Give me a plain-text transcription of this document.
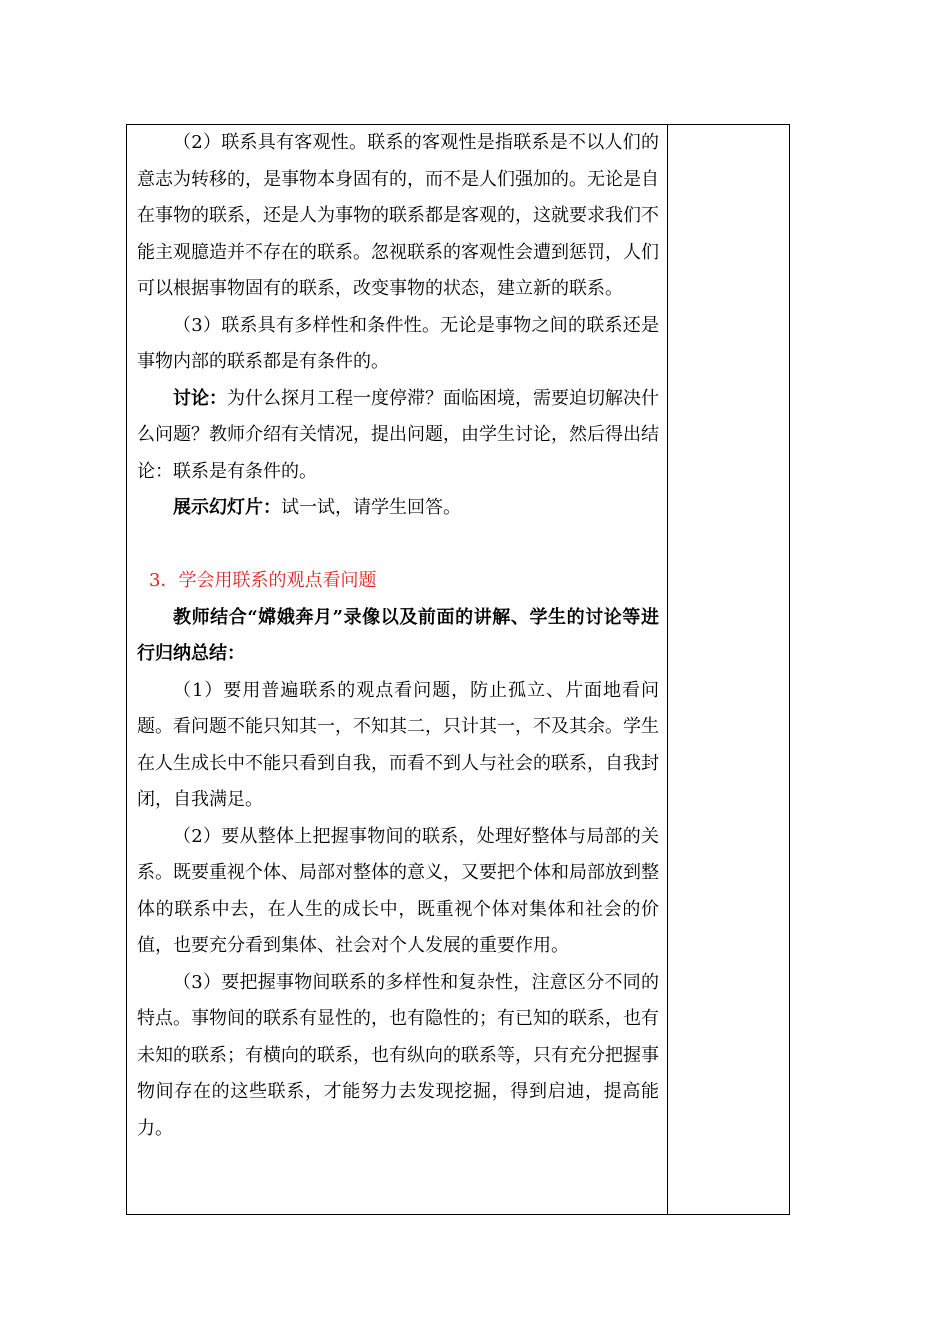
（2）联系具有客观性。联系的客观性是指联系是不以人们的意志为转移的，是事物本身固有的，而不是人们强加的。无论是自在事物的联系，还是人为事物的联系都是客观的，这就要求我们不能主观臆造并不存在的联系。忽视联系的客观性会遭到惩罚，人们可以根据事物固有的联系，改变事物的状态，建立新的联系。

（3）联系具有多样性和条件性。无论是事物之间的联系还是事物内部的联系都是有条件的。

讨论：为什么探月工程一度停滞？面临困境，需要迫切解决什么问题？教师介绍有关情况，提出问题，由学生讨论，然后得出结论：联系是有条件的。

展示幻灯片：试一试，请学生回答。

3．学会用联系的观点看问题

教师结合“嫦娥奔月”录像以及前面的讲解、学生的讨论等进行归纳总结：

（1）要用普遍联系的观点看问题，防止孤立、片面地看问题。看问题不能只知其一，不知其二，只计其一，不及其余。学生在人生成长中不能只看到自我，而看不到人与社会的联系，自我封闭，自我满足。

（2）要从整体上把握事物间的联系，处理好整体与局部的关系。既要重视个体、局部对整体的意义，又要把个体和局部放到整体的联系中去，在人生的成长中，既重视个体对集体和社会的价值，也要充分看到集体、社会对个人发展的重要作用。

（3）要把握事物间联系的多样性和复杂性，注意区分不同的特点。事物间的联系有显性的，也有隐性的；有已知的联系，也有未知的联系；有横向的联系，也有纵向的联系等，只有充分把握事物间存在的这些联系，才能努力去发现挖掘，得到启迪，提高能力。
